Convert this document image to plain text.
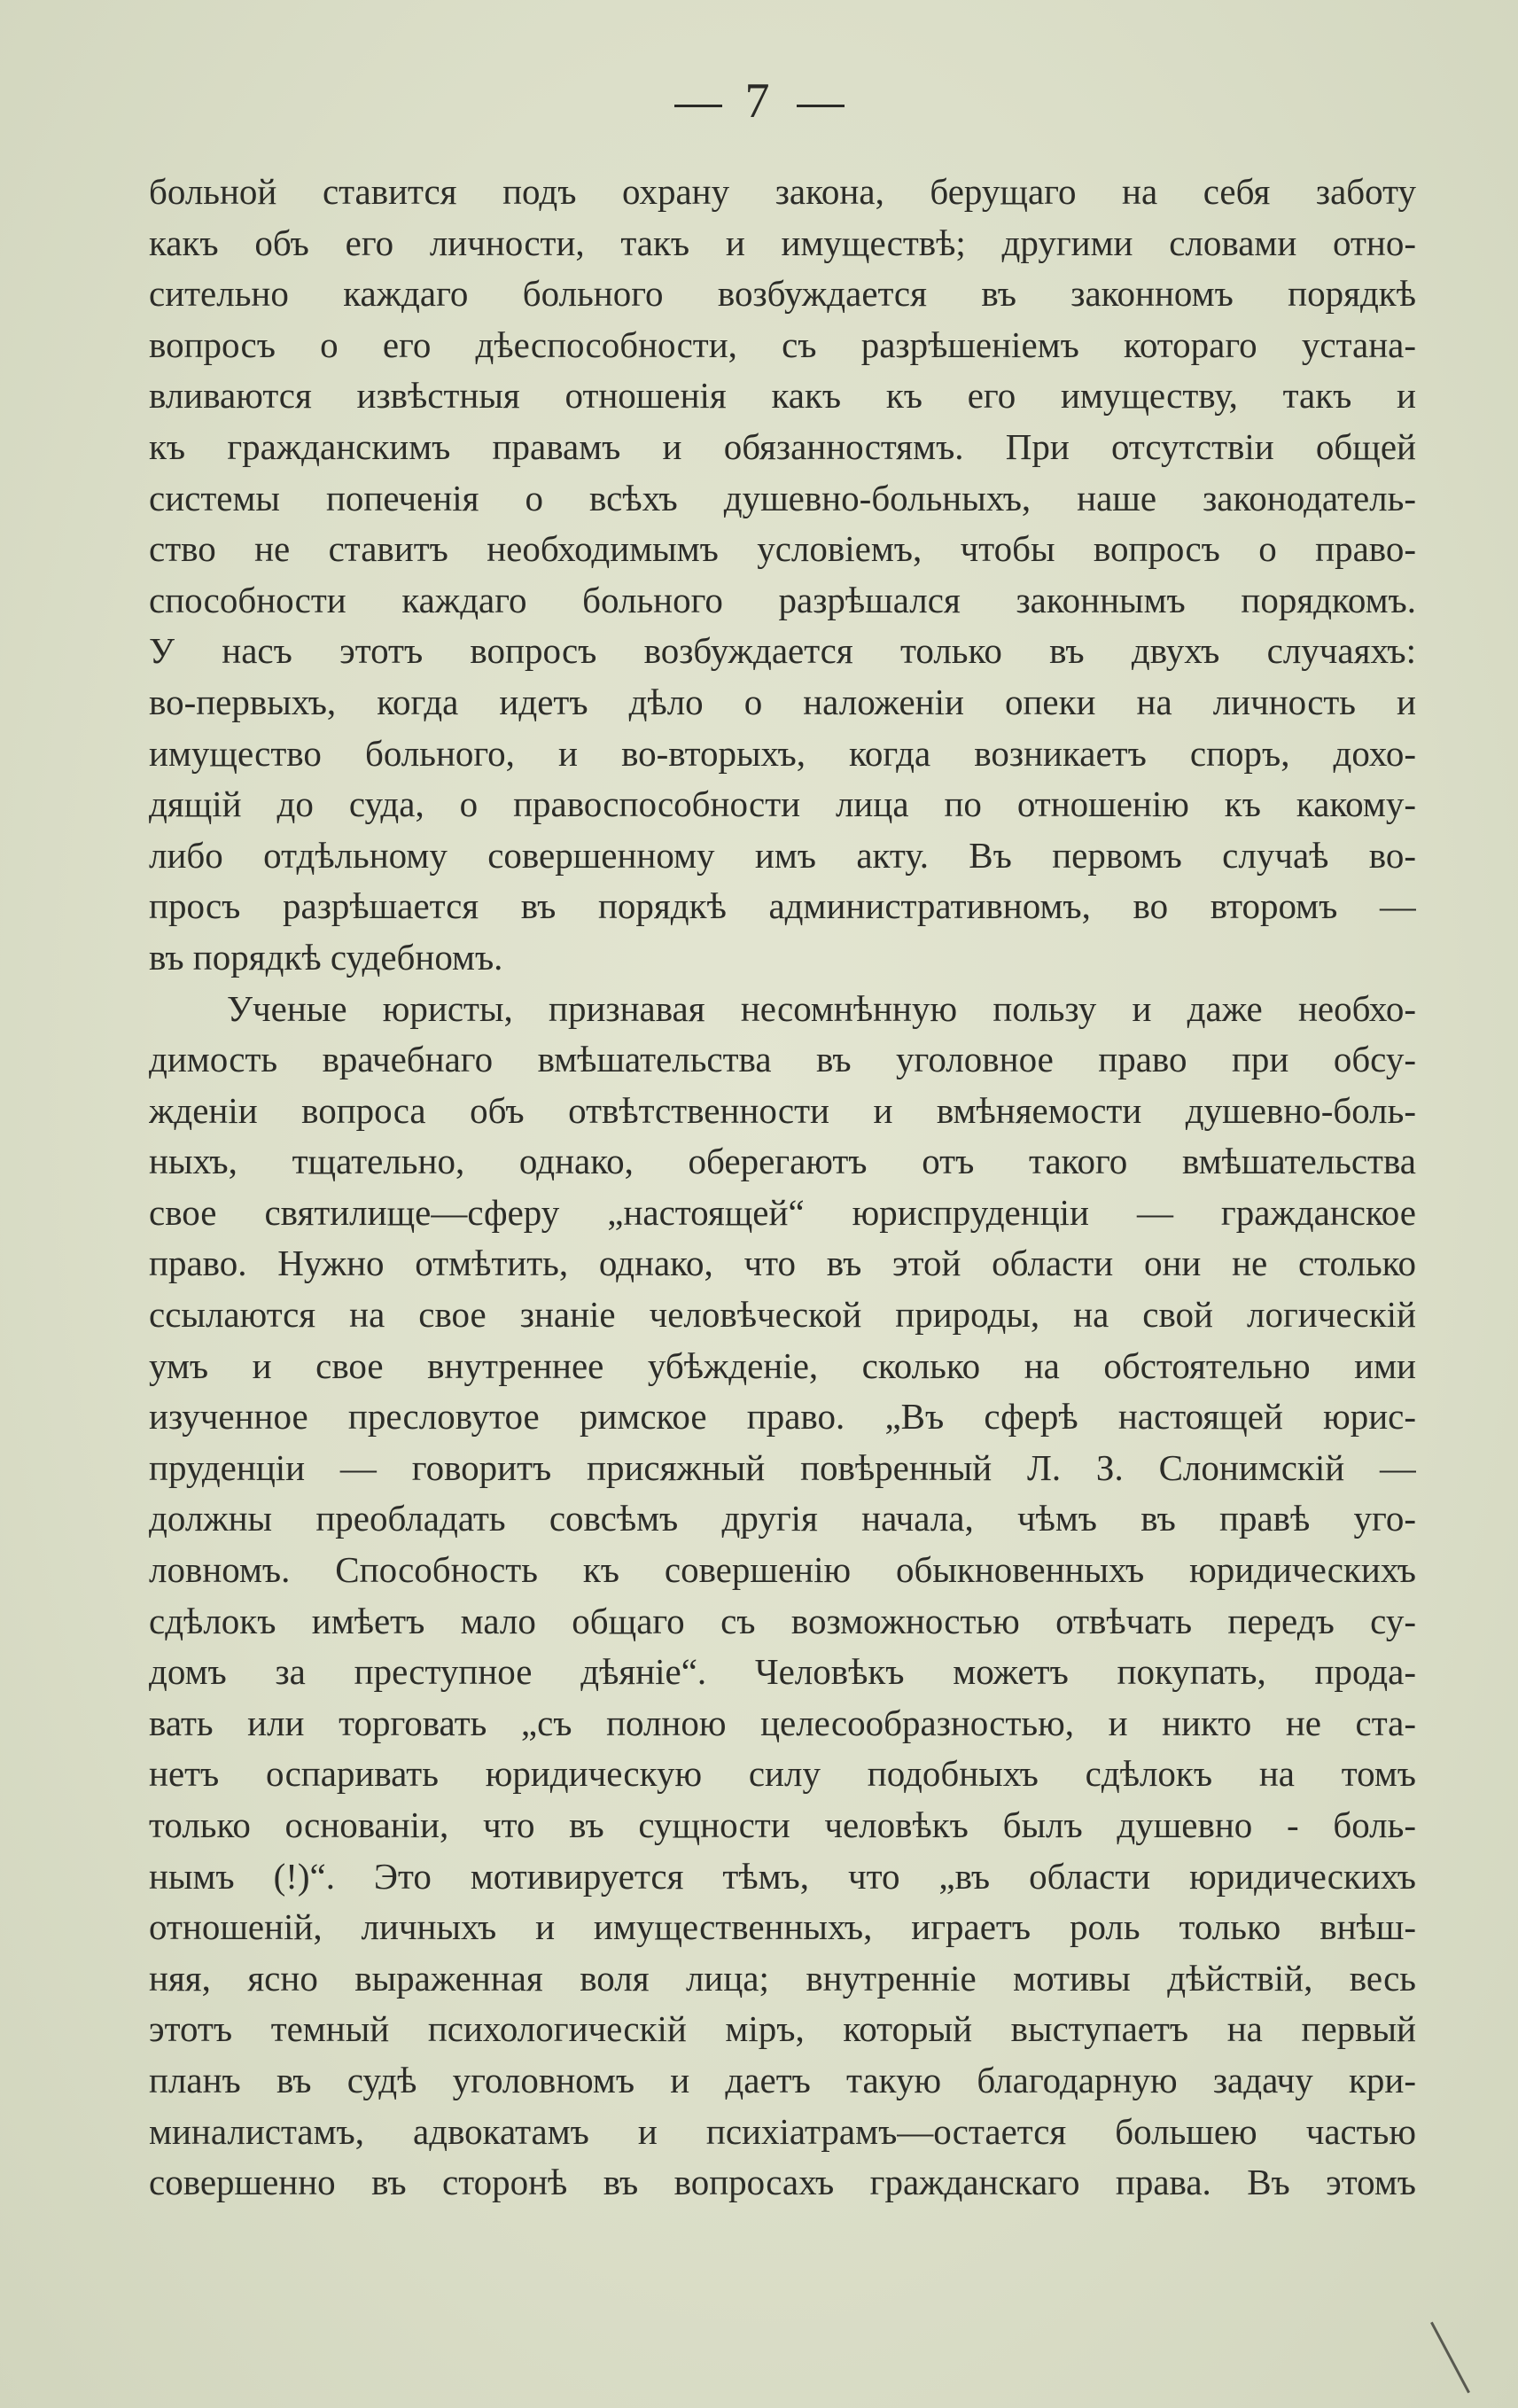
7
больной ставится подъ охрану закона, берущаго на себя заботу
какъ объ его личности, такъ и имуществѣ; другими словами отно-
сительно каждаго больного возбуждается въ законномъ порядкѣ
вопросъ о его дѣеспособности, съ разрѣшеніемъ котораго устана-
вливаются извѣстныя отношенія какъ къ его имуществу, такъ и
къ гражданскимъ правамъ и обязанностямъ. При отсутствіи общей
системы попеченія о всѣхъ душевно-больныхъ, наше законодатель-
ство не ставитъ необходимымъ условіемъ, чтобы вопросъ о право-
способности каждаго больного разрѣшался законнымъ порядкомъ.
У насъ этотъ вопросъ возбуждается только въ двухъ случаяхъ:
во-первыхъ, когда идетъ дѣло о наложеніи опеки на личность и
имущество больного, и во-вторыхъ, когда возникаетъ споръ, дохо-
дящій до суда, о правоспособности лица по отношенію къ какому-
либо отдѣльному совершенному имъ акту. Въ первомъ случаѣ во-
просъ разрѣшается въ порядкѣ административномъ, во второмъ —
въ порядкѣ судебномъ.
Ученые юристы, признавая несомнѣнную пользу и даже необхо-
димость врачебнаго вмѣшательства въ уголовное право при обсу-
жденіи вопроса объ отвѣтственности и вмѣняемости душевно-боль-
ныхъ, тщательно, однако, оберегаютъ отъ такого вмѣшательства
свое святилище—сферу „настоящей“ юриспруденціи — гражданское
право. Нужно отмѣтить, однако, что въ этой области они не столько
ссылаются на свое знаніе человѣческой природы, на свой логическій
умъ и свое внутреннее убѣжденіе, сколько на обстоятельно ими
изученное пресловутое римское право. „Въ сферѣ настоящей юрис-
пруденціи — говоритъ присяжный повѣренный Л. З. Слонимскій —
должны преобладать совсѣмъ другія начала, чѣмъ въ правѣ уго-
ловномъ. Способность къ совершенію обыкновенныхъ юридическихъ
сдѣлокъ имѣетъ мало общаго съ возможностью отвѣчать передъ су-
домъ за преступное дѣяніе“. Человѣкъ можетъ покупать, прода-
вать или торговать „съ полною целесообразностью, и никто не ста-
нетъ оспаривать юридическую силу подобныхъ сдѣлокъ на томъ
только основаніи, что въ сущности человѣкъ былъ душевно - боль-
нымъ (!)“. Это мотивируется тѣмъ, что „въ области юридическихъ
отношеній, личныхъ и имущественныхъ, играетъ роль только внѣш-
няя, ясно выраженная воля лица; внутренніе мотивы дѣйствій, весь
этотъ темный психологическій міръ, который выступаетъ на первый
планъ въ судѣ уголовномъ и даетъ такую благодарную задачу кри-
миналистамъ, адвокатамъ и психіатрамъ—остается большею частью
совершенно въ сторонѣ въ вопросахъ гражданскаго права. Въ этомъ
